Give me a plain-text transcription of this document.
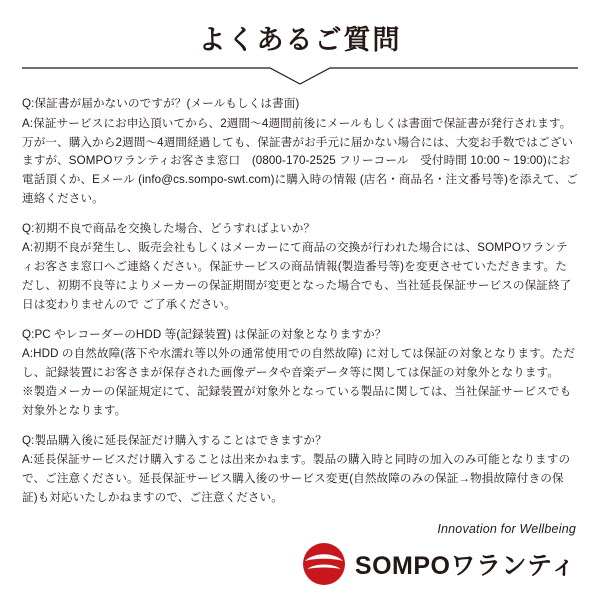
よくあるご質問
Q:保証書が届かないのですが？(メールもしくは書面)
A:保証サービスにお申込頂いてから、2週間〜4週間前後にメールもしくは書面で保証書が発行されます。万が一、購入から2週間〜4週間経過しても、保証書がお手元に届かない場合には、大変お手数ではございますが、SOMPOワランティお客さま窓口　(0800-170-2525 フリーコール　受付時間 10:00 ~ 19:00)にお電話頂くか、Eメール (info@cs.sompo-swt.com)に購入時の情報 (店名・商品名・注文番号等)を添えて、ご連絡ください。
Q:初期不良で商品を交換した場合、どうすればよいか？
A:初期不良が発生し、販売会社もしくはメーカーにて商品の交換が行われた場合には、SOMPOワランティお客さま窓口へご連絡ください。保証サービスの商品情報(製造番号等)を変更させていただきます。ただし、初期不良等によりメーカーの保証期間が変更となった場合でも、当社延長保証サービスの保証終了日は変わりませんので ご了承ください。
Q:PC やレコーダーのHDD 等(記録装置) は保証の対象となりますか？
A:HDD の自然故障(落下や水濡れ等以外の通常使用での自然故障) に対しては保証の対象となります。ただし、記録装置にお客さまが保存された画像データや音楽データ等に関しては保証の対象外となります。
※製造メーカーの保証規定にて、記録装置が対象外となっている製品に関しては、当社保証サービスでも対象外となります。
Q:製品購入後に延長保証だけ購入することはできますか？
A:延長保証サービスだけ購入することは出来かねます。製品の購入時と同時の加入のみ可能となりますので、ご注意ください。延長保証サービス購入後のサービス変更(自然故障のみの保証→物損故障付きの保証)も対応いたしかねますので、ご注意ください。
Innovation for Wellbeing
SOMPOワランティ
